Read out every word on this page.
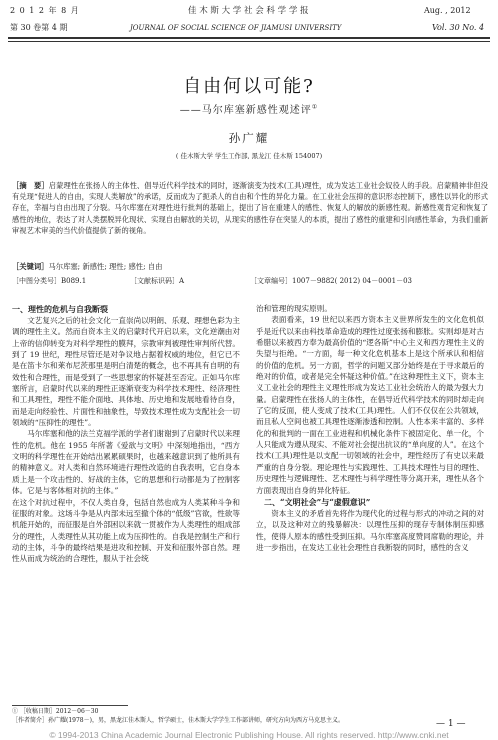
2 0 1 2 年 8 月	佳 木 斯 大 学 社 会 科 学 学 报	Aug. , 2012
第 30 卷第 4 期	JOURNAL OF SOCIAL SCIENCE OF JIAMUSI UNIVERSITY	Vol. 30 No. 4
自由何以可能?
——马尔库塞新感性观述评①
孙广耀
( 佳木斯大学 学生工作部, 黑龙江 佳木斯 154007)
［摘　要］启蒙理性在张扬人的主体性、倡导近代科学技术的同时，逐渐演变为技术(工具)理性，成为发达工业社会奴役人的手段。启蒙精神非但没有兑现“促进人的自由，实现人类解放”的承诺，反而成为了扼杀人的自由和个性的异化力量。在工业社会压抑的意识形态控制下，感性以异化的形式存在，幸福与自由出现了分裂。马尔库塞在对理性进行批判的基础上，提出了旨在重建人的感性、恢复人的解放的新感性观。新感性观肯定和恢复了感性的地位，表达了对人类摆脱异化现状、实现自由解放的关切，从现实的感性存在突显人的本质，提出了感性的重建和引向感性革命，为我们重新审视艺术审美的当代价值提供了新的视角。
［关键词］马尔库塞; 新感性; 理性; 感性; 自由
［中图分类号］B089.1	［文献标识码］A	［文章编号］1007－9882( 2012) 04－0001－03
一、理性的危机与自我断裂

文艺复兴之后的社会文化一直崇尚以明朗、乐观、理想色彩为主调的理性主义。然而自资本主义的启蒙时代开启以来，文化逆潮由对上帝的信仰转变为对科学理性的膜拜，宗教审判被理性审判所代替。到了 19 世纪，理性尽管还是对争议地占据着权威的地位，但它已不是在笛卡尔和莱布尼茨那里是明白清楚的概念，也不再具有自明的有效性和合理性，而是受到了一些思想家的怀疑甚至否定。正如马尔库塞所言，启蒙时代以来的理性正逐渐衰变为科学技术理性、经济理性和工具理性，理性不能介面地、具体地、历史地和发展地看待自身，而是走向经验性、片面性和抽象性，导致技术理性成为支配社会一切领域的“压抑性的理性”。

马尔库塞和他的法兰克福学派的学者们谢谢到了启蒙时代以来理性的危机。他在 1955 年所著《爱欲与文明》中深刻地指出，“西方文明的科学理性在开始结出累累硕果时，也越来越意识到了他所具有的精神意义。对人类和自然环境进行理性改造的自我表明，它自身本质上是一个攻击性的、好战的主体，它的思想和行动都是为了控制客体。它是与客体相对抗的主体。”

在这个对抗过程中，不仅人类自身，包括自然也成为人类某种斗争和征服的对象。这场斗争是从内部未远至撤个体的“低级”官欲，性欲等机能开始的，而征服是自外部困以来就一贯被作为人类理性的组成部分的理性，人类理性从其功能上成为压抑性的。自我是控制生产和行动的主体，斗争的最终结果是进攻和控制、开发和征服外部自然。理性从而成为统治的合理性，服从于社会统

治和管理的现实原则。

表面看来，19 世纪以来西方资本主义世界所发生的文化危机似乎是近代以来由科技革命造成的理性过度张扬和膨胀。实则却是对古希腊以来被西方奉为最高价值的“逻各斯”中心主义和西方理性主义的失望与拒绝。“一方面，每一种文化危机基本上是这个所承认和相信的价值的危机。另一方面，哲学的问题又部分始终是在于寻求最后的绝对的价值，或者是完全怀疑这种价值。”在这种理性主义下，资本主义工业社会的理性主义理性形成为发达工业社会统治人的最为强大力量。启蒙理性在张扬人的主体性，在倡导近代科学技术的同时却走向了它的反面，使人变成了技术(工具)理性。人们不仅仅在公共领域，而且私人空间也被工具理性逐渐渗透和控制。人性本来丰富的、多样化的和批判的一面在工业进程和机械化条件下被固定化、单一化，个人只能成为遵从现实、不能对社会提出抗议的“单向度的人”。在这个技术(工具)理性是以支配一切领域的社会中，理性经历了有史以来最严重的自身分裂。理论理性与实践理性、工具技术理性与目的理性、历史理性与逻辑理性、艺术理性与科学理性等分离开来，理性从各个方面表现出自身的异化特征。

二、“文明社会”与“虚假意识”

资本主义的矛盾首先将作为现代化的过程与形式的冲动之间的对立，以及这种对立的残暴解决：以理性压抑的现存专制体制压抑感性，使得人原本的感性受到压抑。马尔库塞高度赞同席勒的理论，并进一步指出，在发达工业社会理性自我断裂的同时，感性的含义

① ［收稿日期］2012－06－30
［作者简介］孙广耀(1978－)，男，黑龙江佳木斯人，哲学硕士，佳木斯大学学生工作部讲师，研究方向为西方马克思主义。	— 1 —
© 1994-2013 China Academic Journal Electronic Publishing House. All rights reserved. http://www.cnki.net
